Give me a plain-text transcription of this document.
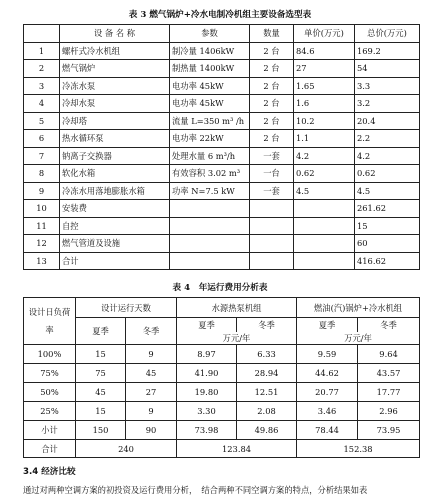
表 3 燃气锅炉+冷水电制冷机组主要设备选型表
	设 备 名 称	参数	数量	单价(万元)	总价(万元)
1	螺杆式冷水机组	制冷量 1406kW	2 台	84.6	169.2
2	燃气锅炉	制热量 1400kW	2 台	27	54
3	冷冻水泵	电功率 45kW	2 台	1.65	3.3
4	冷却水泵	电功率 45kW	2 台	1.6	3.2
5	冷却塔	流量 L=350 m³ /h	2 台	10.2	20.4
6	热水循环泵	电功率 22kW	2 台	1.1	2.2
7	钠离子交换器	处理水量 6 m³/h	一套	4.2	4.2
8	软化水箱	有效容积 3.02 m³	一台	0.62	0.62
9	冷冻水用落地膨胀水箱	功率 N=7.5 kW	一套	4.5	4.5
10	安装费				261.62
11	自控				15
12	燃气管道及设施				60
13	合计				416.62
表 4　年运行费用分析表
设计日负荷率	设计运行天数		水源热泵机组		燃油(汽)锅炉+冷水机组	
	夏季	冬季	夏季	冬季	夏季	冬季
			万元/年		万元/年	
100%	15	9	8.97	6.33	9.59	9.64
75%	75	45	41.90	28.94	44.62	43.57
50%	45	27	19.80	12.51	20.77	17.77
25%	15	9	3.30	2.08	3.46	2.96
小计	150	90	73.98	49.86	78.44	73.95
合计	240		123.84		152.38	
3.4 经济比较
通过对两种空调方案的初投资及运行费用分析，　结合两种不同空调方案的特点，分析结果如表
